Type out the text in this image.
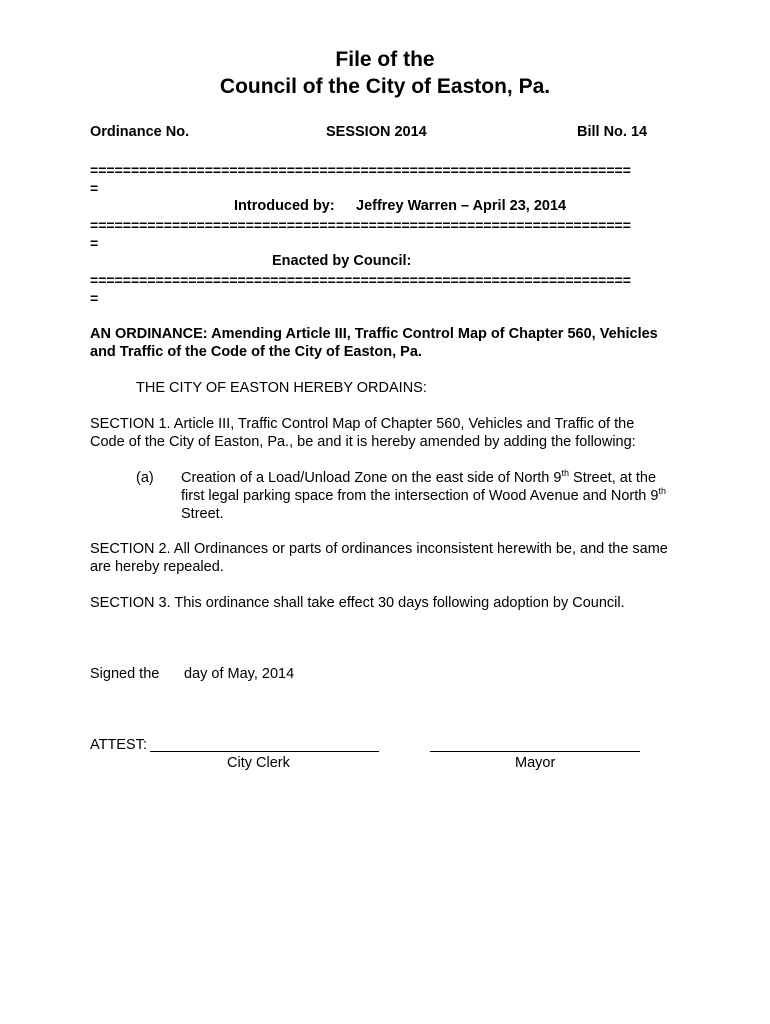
File of the
Council of the City of Easton, Pa.
Ordinance No.	SESSION 2014	Bill No. 14
==================================================================
=
Introduced by: Jeffrey Warren – April 23, 2014
==================================================================
=
Enacted by Council:
==================================================================
=
AN ORDINANCE: Amending Article III, Traffic Control Map of Chapter 560, Vehicles
and Traffic of the Code of the City of Easton, Pa.
THE CITY OF EASTON HEREBY ORDAINS:
SECTION 1. Article III, Traffic Control Map of Chapter 560, Vehicles and Traffic of the
Code of the City of Easton, Pa., be and it is hereby amended by adding the following:
(a) Creation of a Load/Unload Zone on the east side of North 9th Street, at the
first legal parking space from the intersection of Wood Avenue and North 9th
Street.
SECTION 2. All Ordinances or parts of ordinances inconsistent herewith be, and the same
are hereby repealed.
SECTION 3. This ordinance shall take effect 30 days following adoption by Council.
Signed the day of May, 2014
ATTEST:
City Clerk	Mayor
